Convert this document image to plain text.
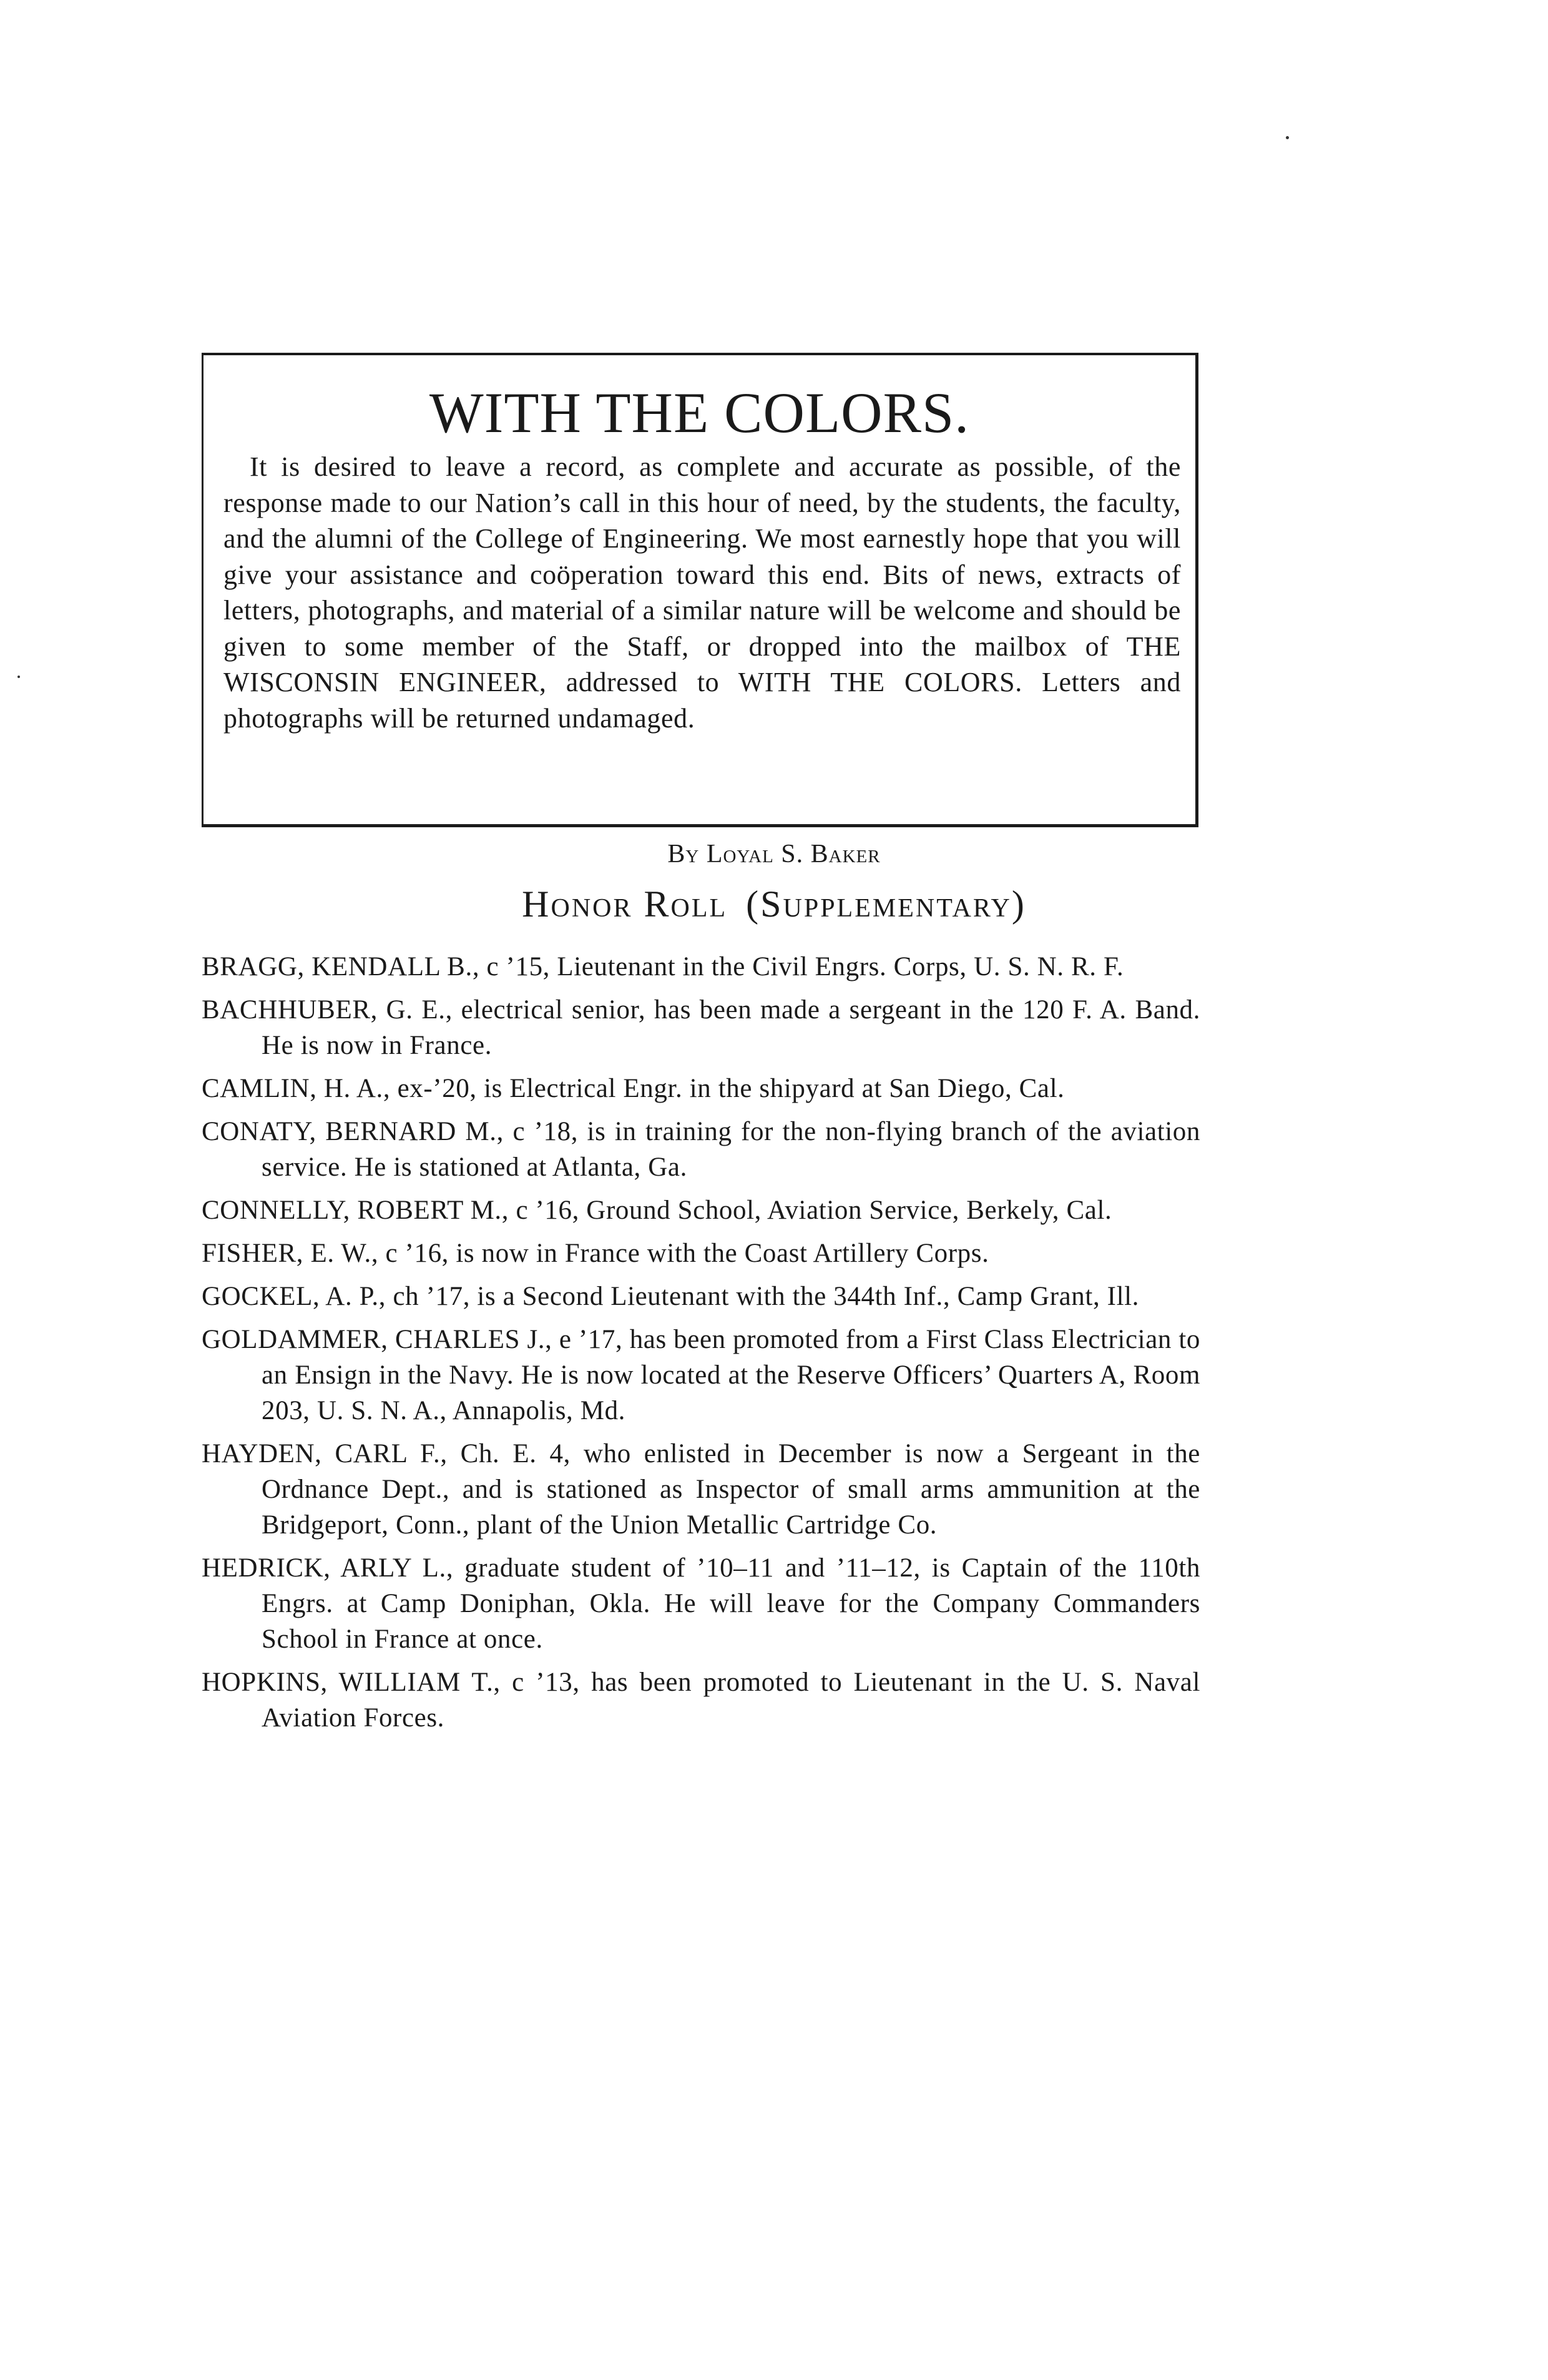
WITH THE COLORS.

It is desired to leave a record, as complete and accurate as possible, of the response made to our Nation’s call in this hour of need, by the students, the faculty, and the alumni of the College of Engineering. We most earnestly hope that you will give your assistance and coöperation toward this end. Bits of news, extracts of letters, photographs, and material of a similar nature will be welcome and should be given to some member of the Staff, or dropped into the mailbox of THE WISCONSIN ENGINEER, addressed to WITH THE COLORS. Letters and photographs will be returned undamaged.

By Loyal S. Baker

Honor Roll (Supplementary)
BRAGG, KENDALL B., c ’15, Lieutenant in the Civil Engrs. Corps, U. S. N. R. F.
BACHHUBER, G. E., electrical senior, has been made a sergeant in the 120 F. A. Band. He is now in France.
CAMLIN, H. A., ex-’20, is Electrical Engr. in the shipyard at San Diego, Cal.
CONATY, BERNARD M., c ’18, is in training for the non-flying branch of the aviation service. He is stationed at Atlanta, Ga.
CONNELLY, ROBERT M., c ’16, Ground School, Aviation Service, Berkely, Cal.
FISHER, E. W., c ’16, is now in France with the Coast Artillery Corps.
GOCKEL, A. P., ch ’17, is a Second Lieutenant with the 344th Inf., Camp Grant, Ill.
GOLDAMMER, CHARLES J., e ’17, has been promoted from a First Class Electrician to an Ensign in the Navy. He is now located at the Reserve Officers’ Quarters A, Room 203, U. S. N. A., Annapolis, Md.
HAYDEN, CARL F., Ch. E. 4, who enlisted in December is now a Sergeant in the Ordnance Dept., and is stationed as Inspector of small arms ammunition at the Bridgeport, Conn., plant of the Union Metallic Cartridge Co.
HEDRICK, ARLY L., graduate student of ’10–11 and ’11–12, is Captain of the 110th Engrs. at Camp Doniphan, Okla. He will leave for the Company Commanders School in France at once.
HOPKINS, WILLIAM T., c ’13, has been promoted to Lieutenant in the U. S. Naval Aviation Forces.
